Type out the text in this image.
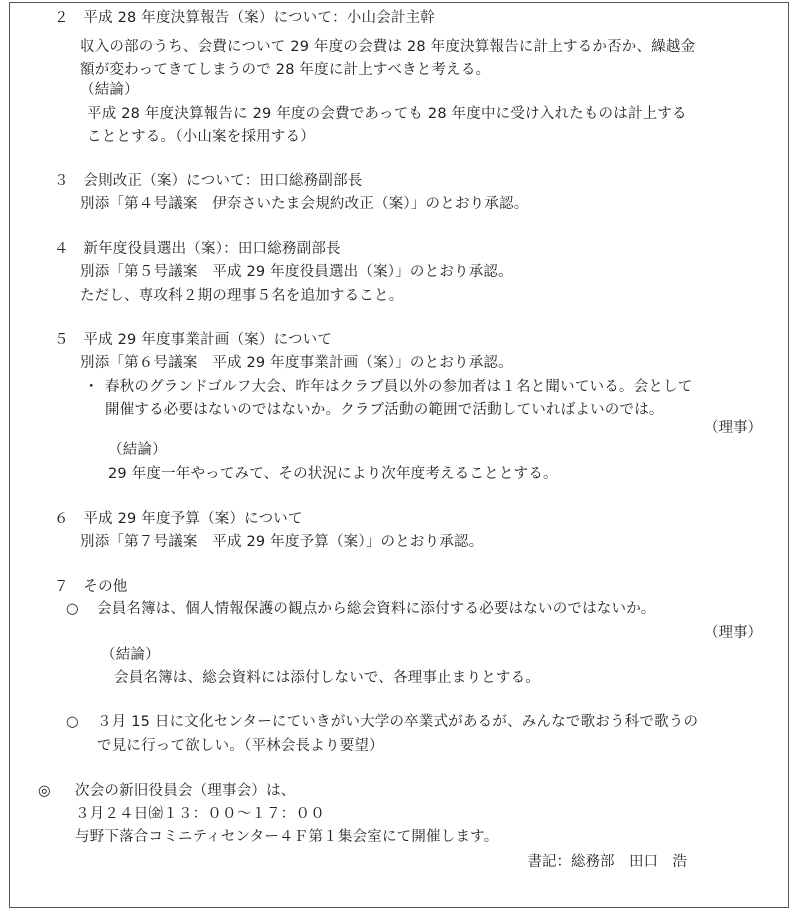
２　平成 28 年度決算報告（案）について：小山会計主幹
収入の部のうち、会費について 29 年度の会費は 28 年度決算報告に計上するか否か、繰越金
額が変わってきてしまうので 28 年度に計上すべきと考える。
（結論）
平成 28 年度決算報告に 29 年度の会費であっても 28 年度中に受け入れたものは計上する
こととする。（小山案を採用する）
３　会則改正（案）について：田口総務副部長
別添「第４号議案　伊奈さいたま会規約改正（案）」のとおり承認。
４　新年度役員選出（案）：田口総務副部長
別添「第５号議案　平成 29 年度役員選出（案）」のとおり承認。
ただし、専攻科２期の理事５名を追加すること。
５　平成 29 年度事業計画（案）について
別添「第６号議案　平成 29 年度事業計画（案）」のとおり承認。
・ 春秋のグランドゴルフ大会、昨年はクラブ員以外の参加者は１名と聞いている。会として
開催する必要はないのではないか。クラブ活動の範囲で活動していればよいのでは。
（理事）
（結論）
29 年度一年やってみて、その状況により次年度考えることとする。
６　平成 29 年度予算（案）について
別添「第７号議案　平成 29 年度予算（案）」のとおり承認。
７　その他
○ 会員名簿は、個人情報保護の観点から総会資料に添付する必要はないのではないか。
（理事）
（結論）
会員名簿は、総会資料には添付しないで、各理事止まりとする。
○ ３月 15 日に文化センターにていきがい大学の卒業式があるが、みんなで歌おう科で歌うの
で見に行って欲しい。（平林会長より要望）
◎ 次会の新旧役員会（理事会）は、
３月２４日㈮１３：００～１７：００
与野下落合コミニティセンター４Ｆ第１集会室にて開催します。
書記：総務部　田口　浩
